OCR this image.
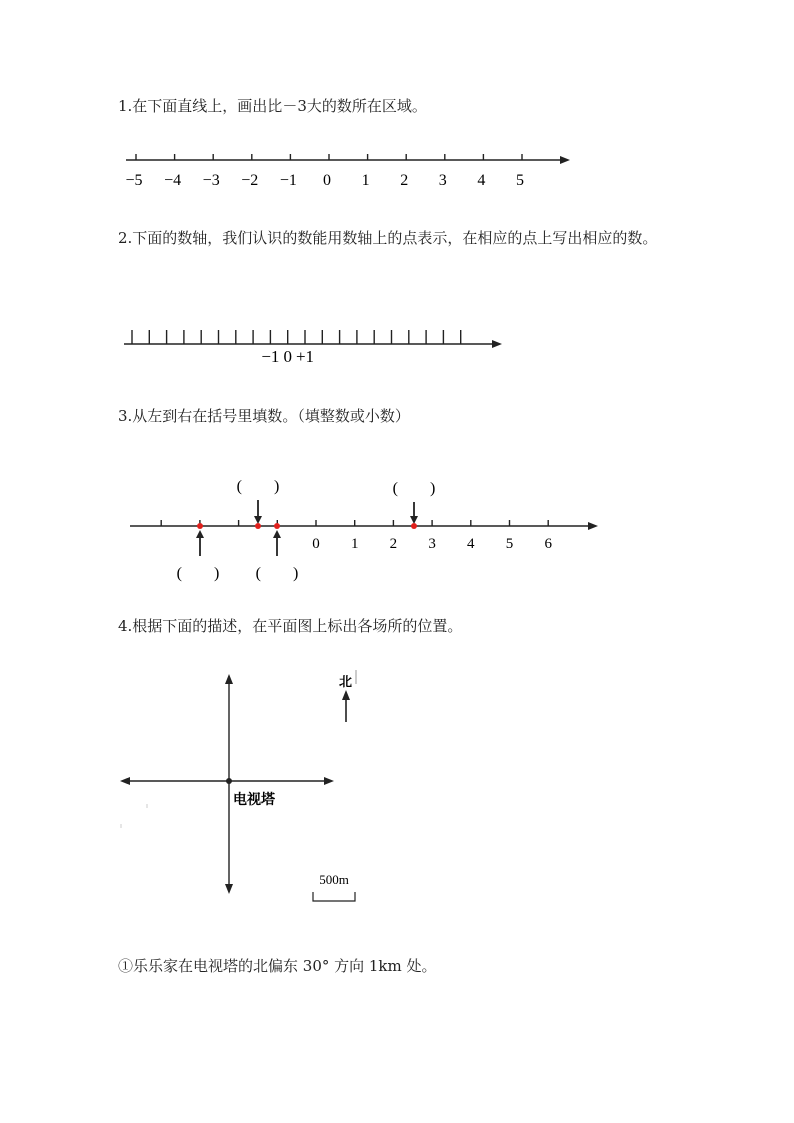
1.在下面直线上，画出比－3大的数所在区域。

−5 −4 −3 −2 −1 0 1 2 3 4 5

2.下面的数轴，我们认识的数能用数轴上的点表示，在相应的点上写出相应的数。

−1 0 +1

3.从左到右在括号里填数。（填整数或小数）

0 1 2 3 4 5 6
(　　)	(　　)
(　　) (　　)

4.根据下面的描述，在平面图上标出各场所的位置。

电视塔
北
500m

①乐乐家在电视塔的北偏东 30° 方向 1km 处。
